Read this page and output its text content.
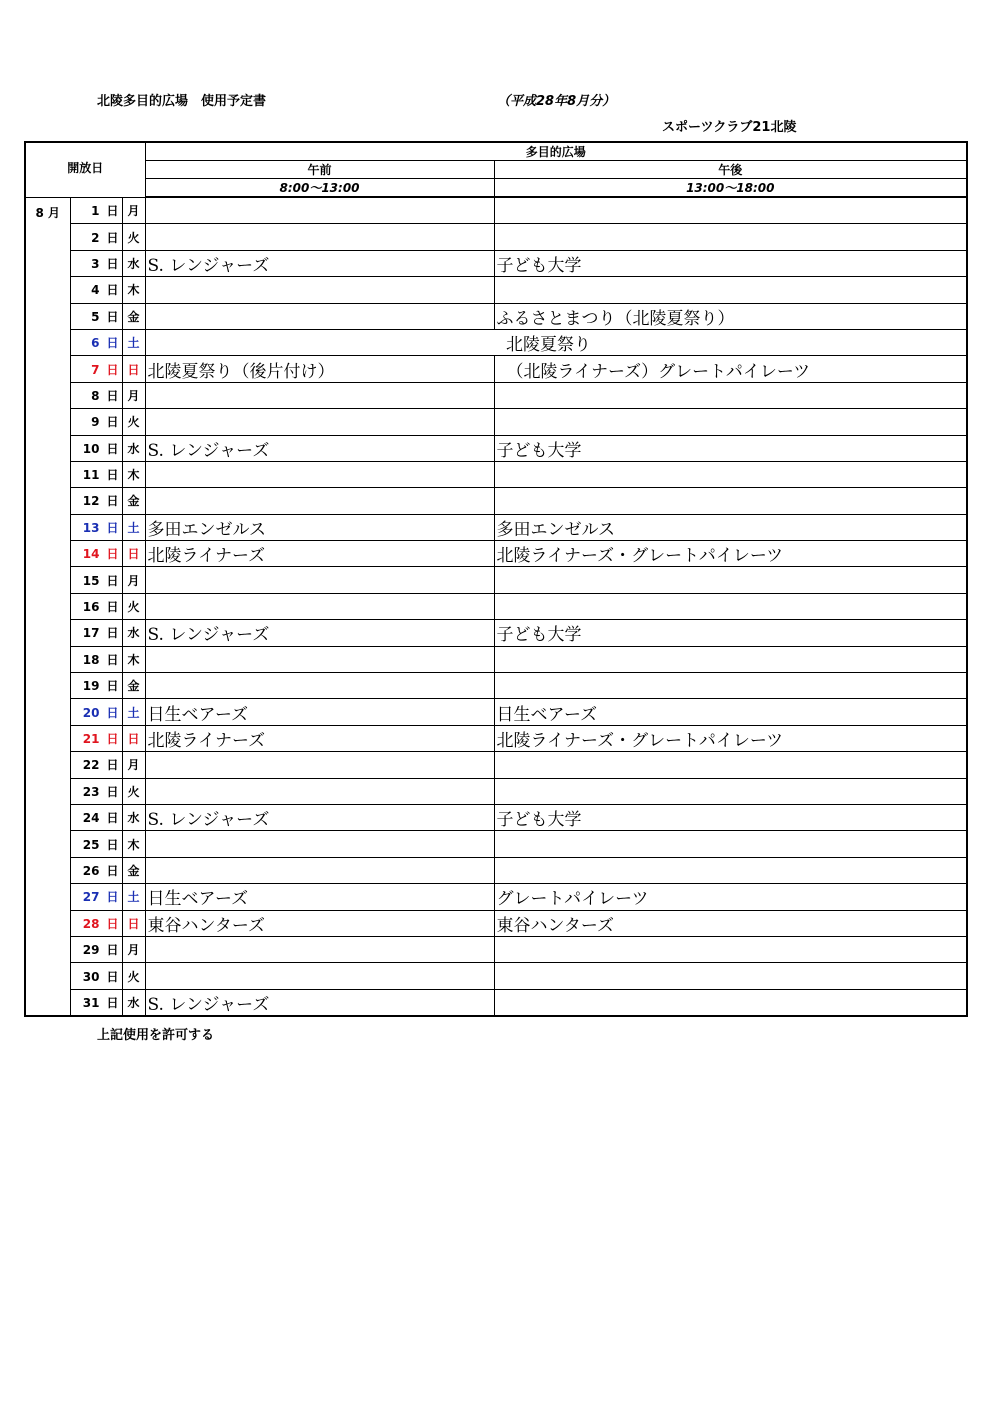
北陵多目的広場　使用予定書	（平成28年8月分）
スポーツクラブ21北陵
開放日			多目的広場	
			午前	午後
			8:00～13:00	13:00～18:00
8 月	1 日	月		
	2 日	火		
	3 日	水	S. レンジャーズ	子ども大学
	4 日	木		
	5 日	金		ふるさとまつり（北陵夏祭り）
	6 日	土		北陵夏祭り
	7 日	日	北陵夏祭り（後片付け）	（北陵ライナーズ）グレートパイレーツ
	8 日	月		
	9 日	火		
	10 日	水	S. レンジャーズ	子ども大学
	11 日	木		
	12 日	金		
	13 日	土	多田エンゼルス	多田エンゼルス
	14 日	日	北陵ライナーズ	北陵ライナーズ・グレートパイレーツ
	15 日	月		
	16 日	火		
	17 日	水	S. レンジャーズ	子ども大学
	18 日	木		
	19 日	金		
	20 日	土	日生ベアーズ	日生ベアーズ
	21 日	日	北陵ライナーズ	北陵ライナーズ・グレートパイレーツ
	22 日	月		
	23 日	火		
	24 日	水	S. レンジャーズ	子ども大学
	25 日	木		
	26 日	金		
	27 日	土	日生ベアーズ	グレートパイレーツ
	28 日	日	東谷ハンターズ	東谷ハンターズ
	29 日	月		
	30 日	火		
	31 日	水	S. レンジャーズ	
上記使用を許可する
